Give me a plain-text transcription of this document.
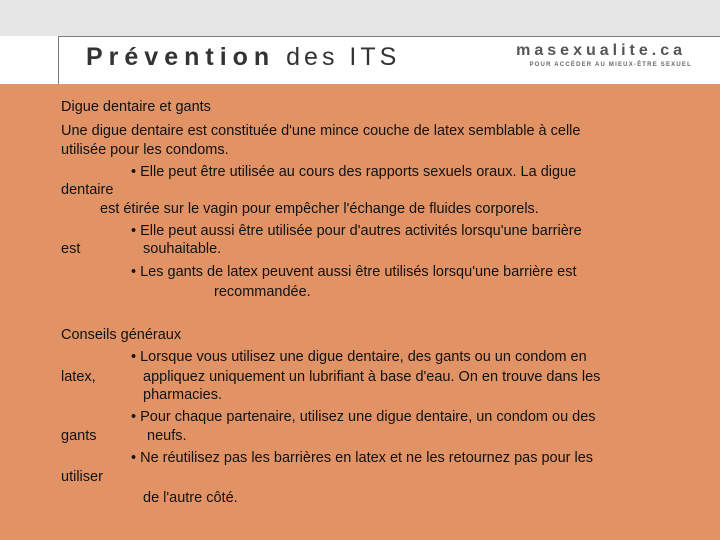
Prévention des ITS	masexualite.ca
POUR ACCÉDER AU MIEUX-ÊTRE SEXUEL
Digue dentaire et gants
Une digue dentaire est constituée d'une mince couche de latex semblable à celle
utilisée pour les condoms.
• Elle peut être utilisée au cours des rapports sexuels oraux. La digue
dentaire
est étirée sur le vagin pour empêcher l'échange de fluides corporels.
• Elle peut aussi être utilisée pour d'autres activités lorsqu'une barrière
est	souhaitable.
• Les gants de latex peuvent aussi être utilisés lorsqu'une barrière est
recommandée.
Conseils généraux
• Lorsque vous utilisez une digue dentaire, des gants ou un condom en
latex,	appliquez uniquement un lubrifiant à base d'eau. On en trouve dans les
pharmacies.
• Pour chaque partenaire, utilisez une digue dentaire, un condom ou des
gants	neufs.
• Ne réutilisez pas les barrières en latex et ne les retournez pas pour les
utiliser
de l'autre côté.
